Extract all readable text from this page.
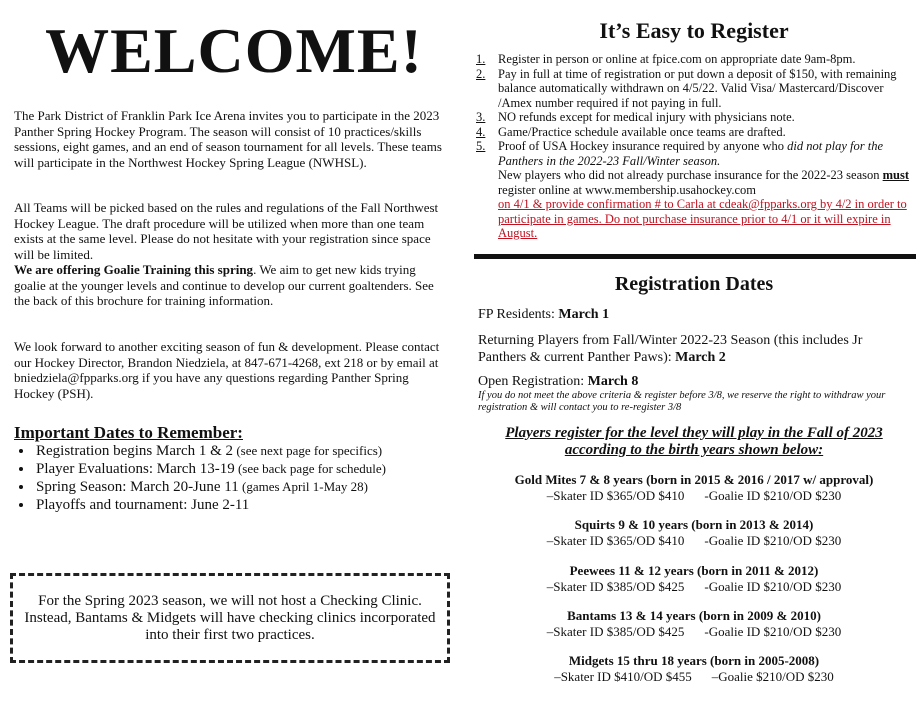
WELCOME!

The Park District of Franklin Park Ice Arena invites you to participate in the 2023 Panther Spring Hockey Program. The season will consist of 10 practices/skills sessions, eight games, and an end of season tournament for all levels. These teams will participate in the Northwest Hockey Spring League (NWHSL).

All Teams will be picked based on the rules and regulations of the Fall Northwest Hockey League. The draft procedure will be utilized when more than one team exists at the same level. Please do not hesitate with your registration since space will be limited.

We are offering Goalie Training this spring. We aim to get new kids trying goalie at the younger levels and continue to develop our current goaltenders. See the back of this brochure for training information.

We look forward to another exciting season of fun & development. Please contact our Hockey Director, Brandon Niedziela, at 847-671-4268, ext 218 or by email at bniedziela@fpparks.org if you have any questions regarding Panther Spring Hockey (PSH).

Important Dates to Remember:
• Registration begins March 1 & 2 (see next page for specifics)
• Player Evaluations: March 13-19 (see back page for schedule)
• Spring Season: March 20-June 11 (games April 1-May 28)
• Playoffs and tournament: June 2-11
For the Spring 2023 season, we will not host a Checking Clinic. Instead, Bantams & Midgets will have checking clinics incorporated into their first two practices.
It’s Easy to Register
1.	Register in person or online at fpice.com on appropriate date 9am-8pm.
2.	Pay in full at time of registration or put down a deposit of $150, with remaining balance automatically withdrawn on 4/5/22. Valid Visa/ Mastercard/Discover /Amex number required if not paying in full.
3.	NO refunds except for medical injury with physicians note.
4.	Game/Practice schedule available once teams are drafted.
5.	Proof of USA Hockey insurance required by anyone who did not play for the Panthers in the 2022-23 Fall/Winter season.
New players who did not already purchase insurance for the 2022-23 season must register online at www.membership.usahockey.com
on 4/1 & provide confirmation # to Carla at cdeak@fpparks.org by 4/2 in order to participate in games. Do not purchase insurance prior to 4/1 or it will expire in August.
Registration Dates

FP Residents: March 1

Returning Players from Fall/Winter 2022-23 Season (this includes Jr Panthers & current Panther Paws): March 2

Open Registration: March 8

If you do not meet the above criteria & register before 3/8, we reserve the right to withdraw your registration & will contact you to re-register 3/8

Players register for the level they will play in the Fall of 2023 according to the birth years shown below:

Gold Mites 7 & 8 years (born in 2015 & 2016 / 2017 w/ approval)
–Skater ID $365/OD $410 -Goalie ID $210/OD $230
Squirts 9 & 10 years (born in 2013 & 2014)
–Skater ID $365/OD $410 -Goalie ID $210/OD $230
Peewees 11 & 12 years (born in 2011 & 2012)
–Skater ID $385/OD $425 -Goalie ID $210/OD $230
Bantams 13 & 14 years (born in 2009 & 2010)
–Skater ID $385/OD $425 -Goalie ID $210/OD $230
Midgets 15 thru 18 years (born in 2005-2008)
–Skater ID $410/OD $455 –Goalie $210/OD $230
